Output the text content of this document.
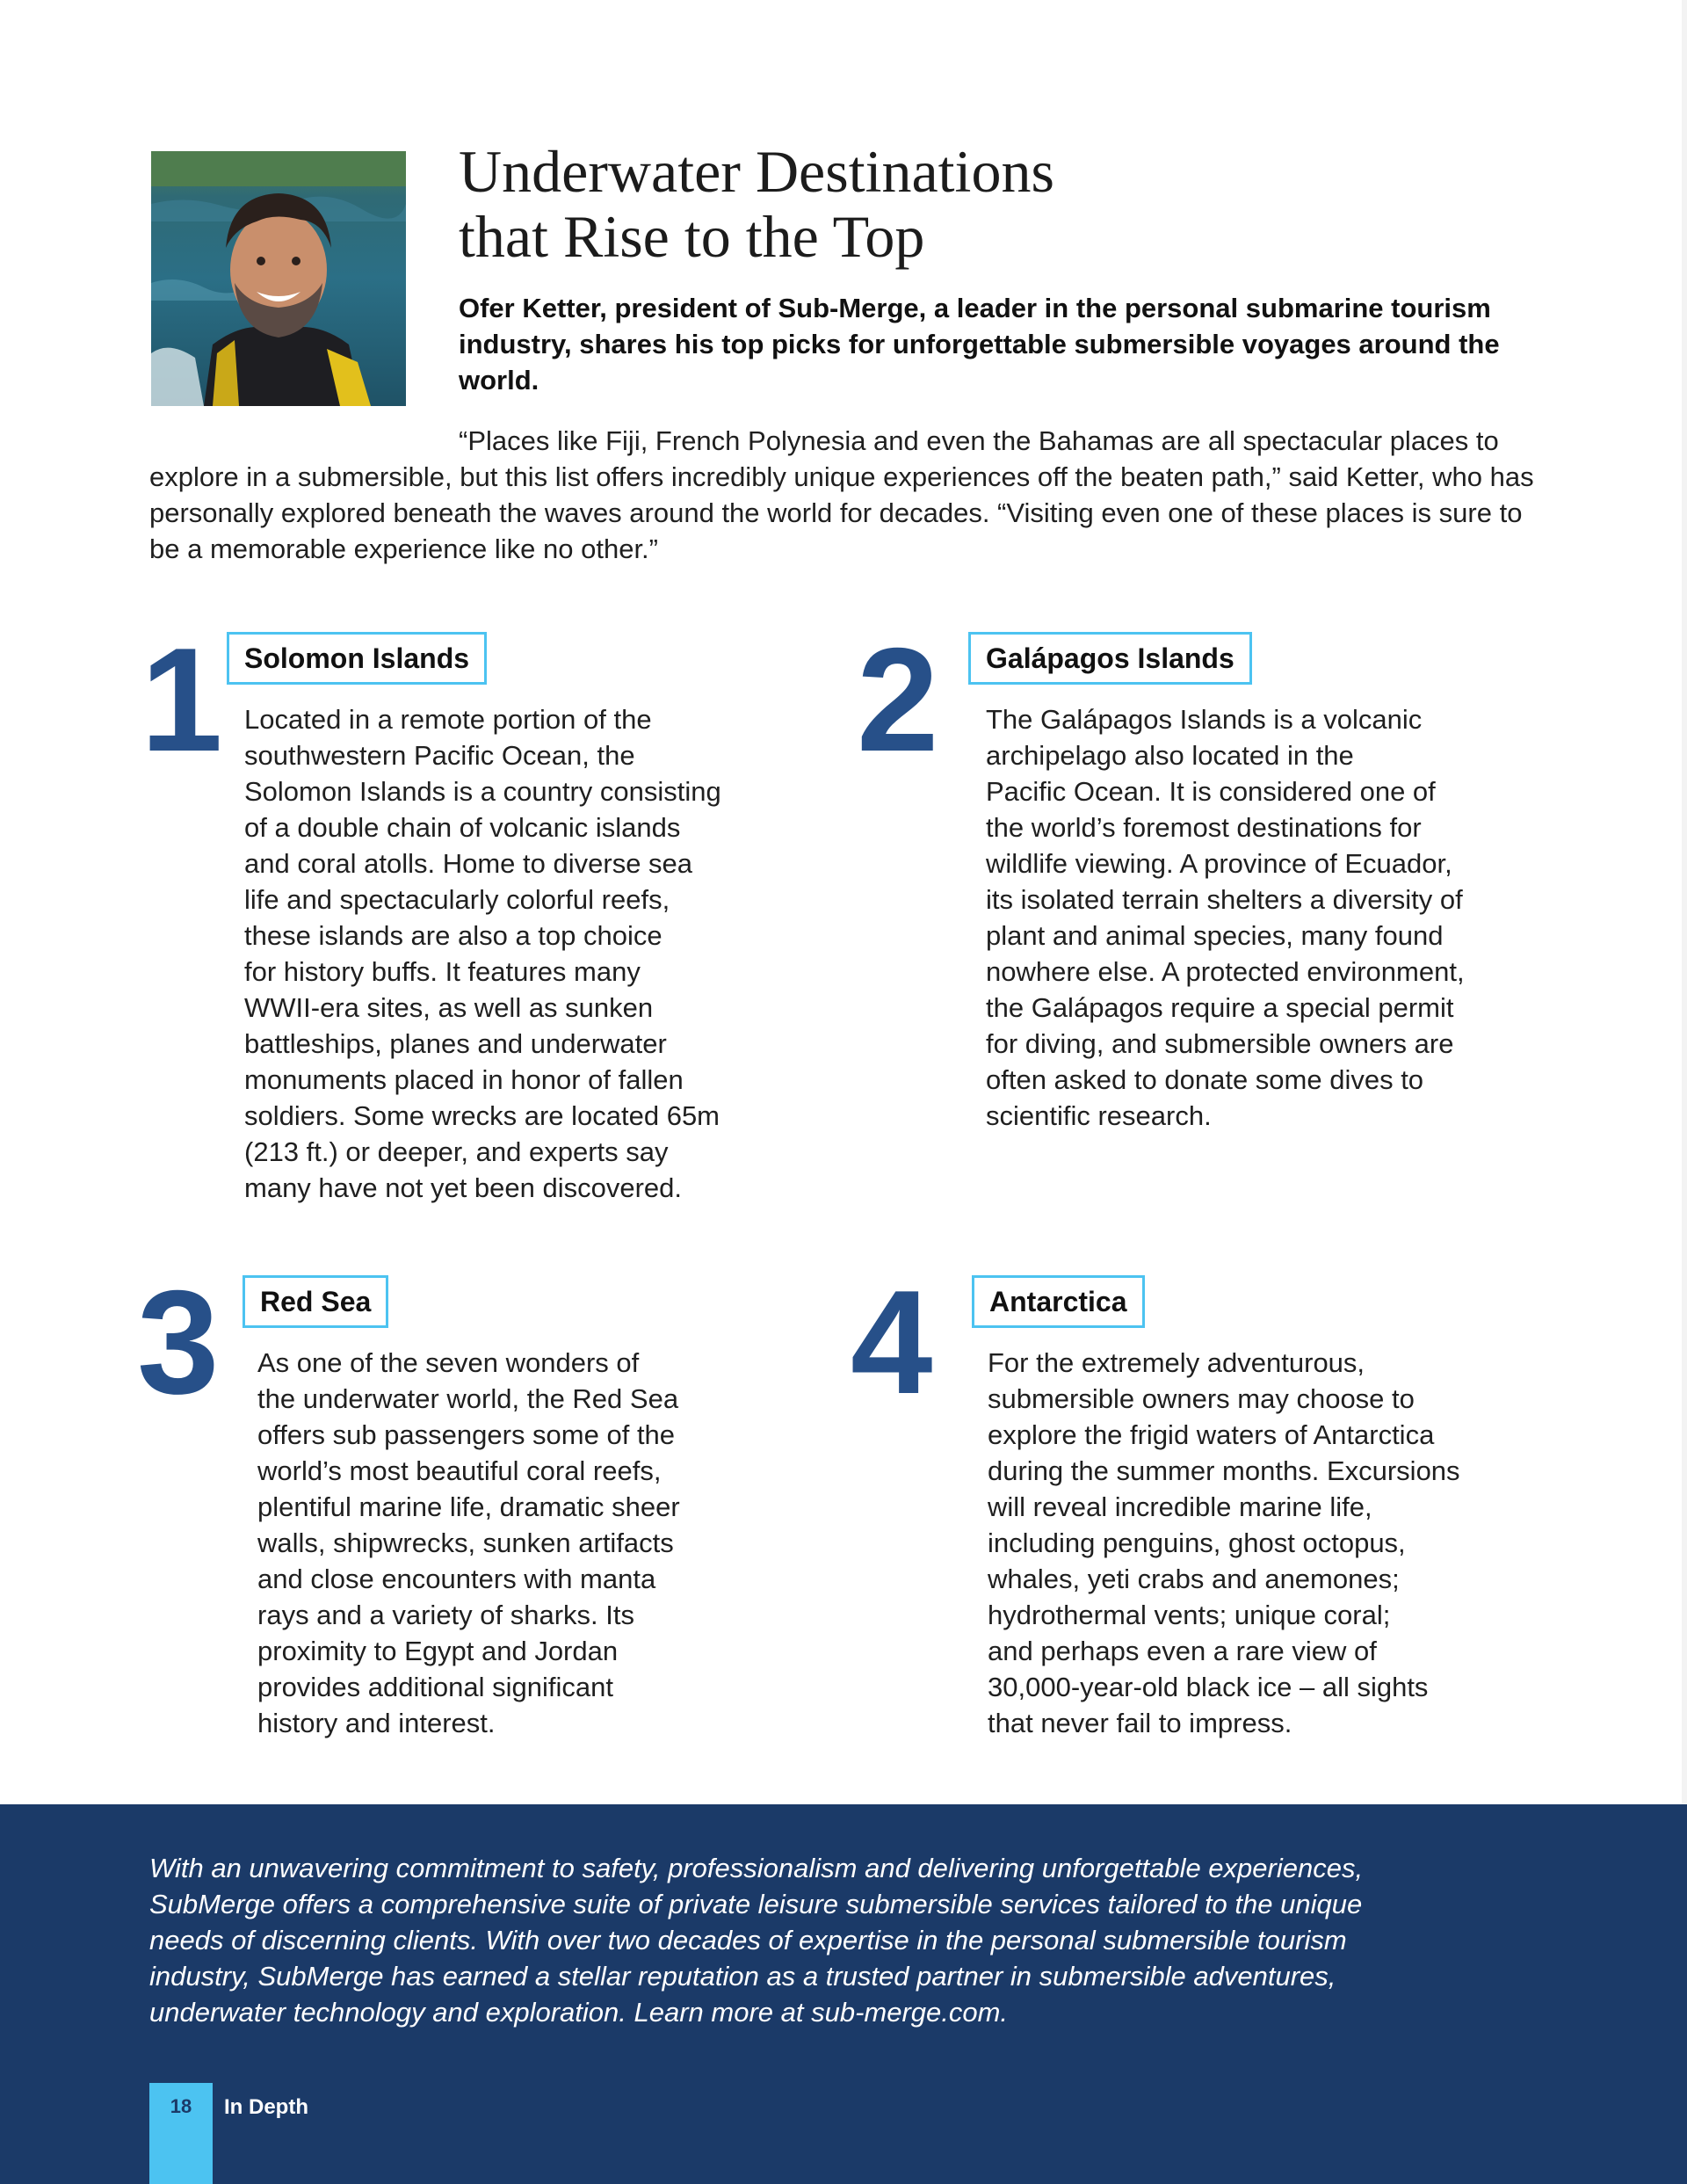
Underwater Destinations
that Rise to the Top

Ofer Ketter, president of Sub-Merge, a leader in the personal submarine tourism industry, shares his top picks for unforgettable submersible voyages around the world.

“Places like Fiji, French Polynesia and even the Bahamas are all spectacular places to explore in a submersible, but this list offers incredibly unique experiences off the beaten path,” said Ketter, who has personally explored beneath the waves around the world for decades. “Visiting even one of these places is sure to be a memorable experience like no other.”

1 Solomon Islands
Located in a remote portion of the
southwestern Pacific Ocean, the
Solomon Islands is a country consisting
of a double chain of volcanic islands
and coral atolls. Home to diverse sea
life and spectacularly colorful reefs,
these islands are also a top choice
for history buffs. It features many
WWII-era sites, as well as sunken
battleships, planes and underwater
monuments placed in honor of fallen
soldiers. Some wrecks are located 65m
(213 ft.) or deeper, and experts say
many have not yet been discovered.
2	Galápagos Islands
The Galápagos Islands is a volcanic
archipelago also located in the
Pacific Ocean. It is considered one of
the world’s foremost destinations for
wildlife viewing. A province of Ecuador,
its isolated terrain shelters a diversity of
plant and animal species, many found
nowhere else. A protected environment,
the Galápagos require a special permit
for diving, and submersible owners are
often asked to donate some dives to
scientific research.
3	Red Sea
As one of the seven wonders of
the underwater world, the Red Sea
offers sub passengers some of the
world’s most beautiful coral reefs,
plentiful marine life, dramatic sheer
walls, shipwrecks, sunken artifacts
and close encounters with manta
rays and a variety of sharks. Its
proximity to Egypt and Jordan
provides additional significant
history and interest.
4	Antarctica
For the extremely adventurous,
submersible owners may choose to
explore the frigid waters of Antarctica
during the summer months. Excursions
will reveal incredible marine life,
including penguins, ghost octopus,
whales, yeti crabs and anemones;
hydrothermal vents; unique coral;
and perhaps even a rare view of
30,000-year-old black ice – all sights
that never fail to impress.
With an unwavering commitment to safety, professionalism and delivering unforgettable experiences,
SubMerge offers a comprehensive suite of private leisure submersible services tailored to the unique
needs of discerning clients. With over two decades of expertise in the personal submersible tourism
industry, SubMerge has earned a stellar reputation as a trusted partner in submersible adventures,
underwater technology and exploration. Learn more at sub-merge.com.
18	In Depth
